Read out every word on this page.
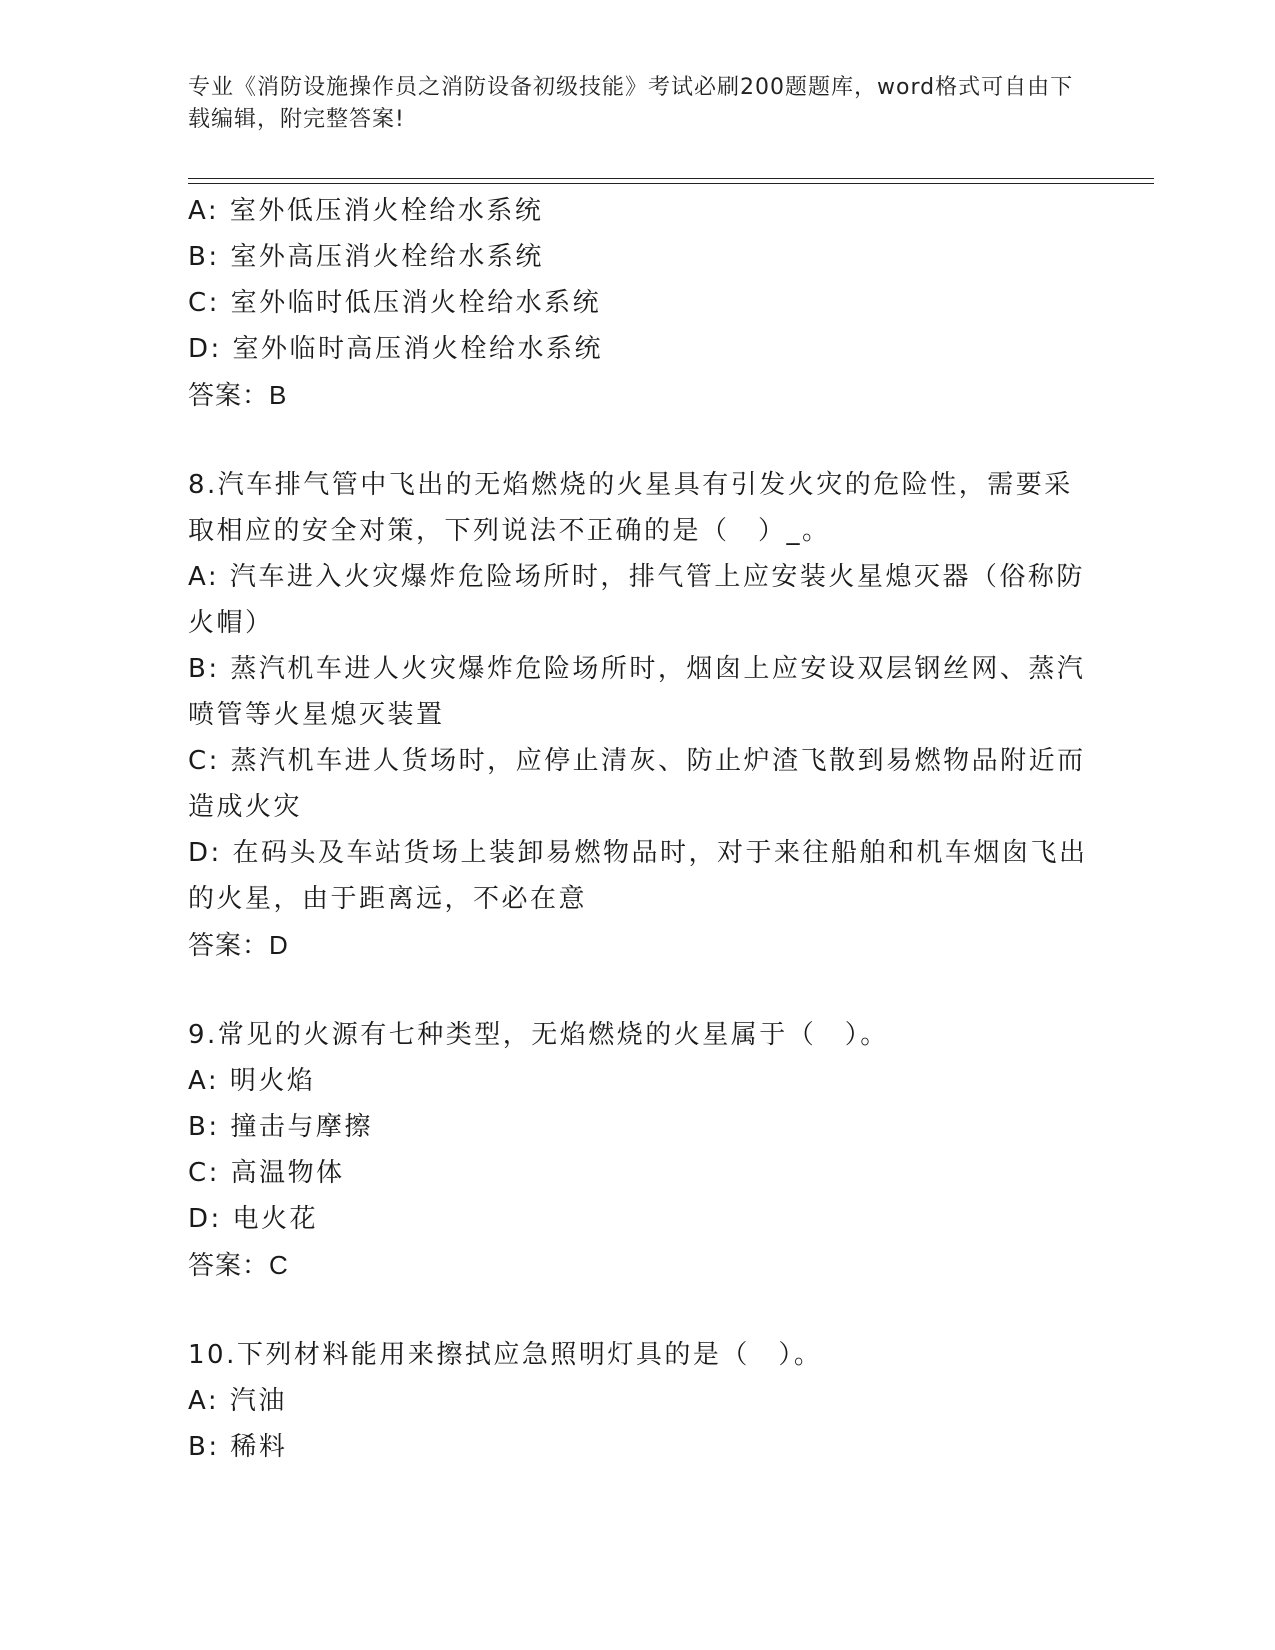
专业《消防设施操作员之消防设备初级技能》考试必刷200题题库，word格式可自由下载编辑，附完整答案!

A: 室外低压消火栓给水系统

B: 室外高压消火栓给水系统

C: 室外临时低压消火栓给水系统

D: 室外临时高压消火栓给水系统

答案：B

8.汽车排气管中飞出的无焰燃烧的火星具有引发火灾的危险性，需要采取相应的安全对策，下列说法不正确的是（　）_。

A: 汽车进入火灾爆炸危险场所时，排气管上应安装火星熄灭器（俗称防火帽）

B: 蒸汽机车进人火灾爆炸危险场所时，烟囱上应安设双层钢丝网、蒸汽喷管等火星熄灭装置

C: 蒸汽机车进人货场时，应停止清灰、防止炉渣飞散到易燃物品附近而造成火灾

D: 在码头及车站货场上装卸易燃物品时，对于来往船舶和机车烟囱飞出的火星，由于距离远，不必在意

答案：D

9.常见的火源有七种类型，无焰燃烧的火星属于（　）。

A: 明火焰

B: 撞击与摩擦

C: 高温物体

D: 电火花

答案：C

10.下列材料能用来擦拭应急照明灯具的是（　）。

A: 汽油

B: 稀料
